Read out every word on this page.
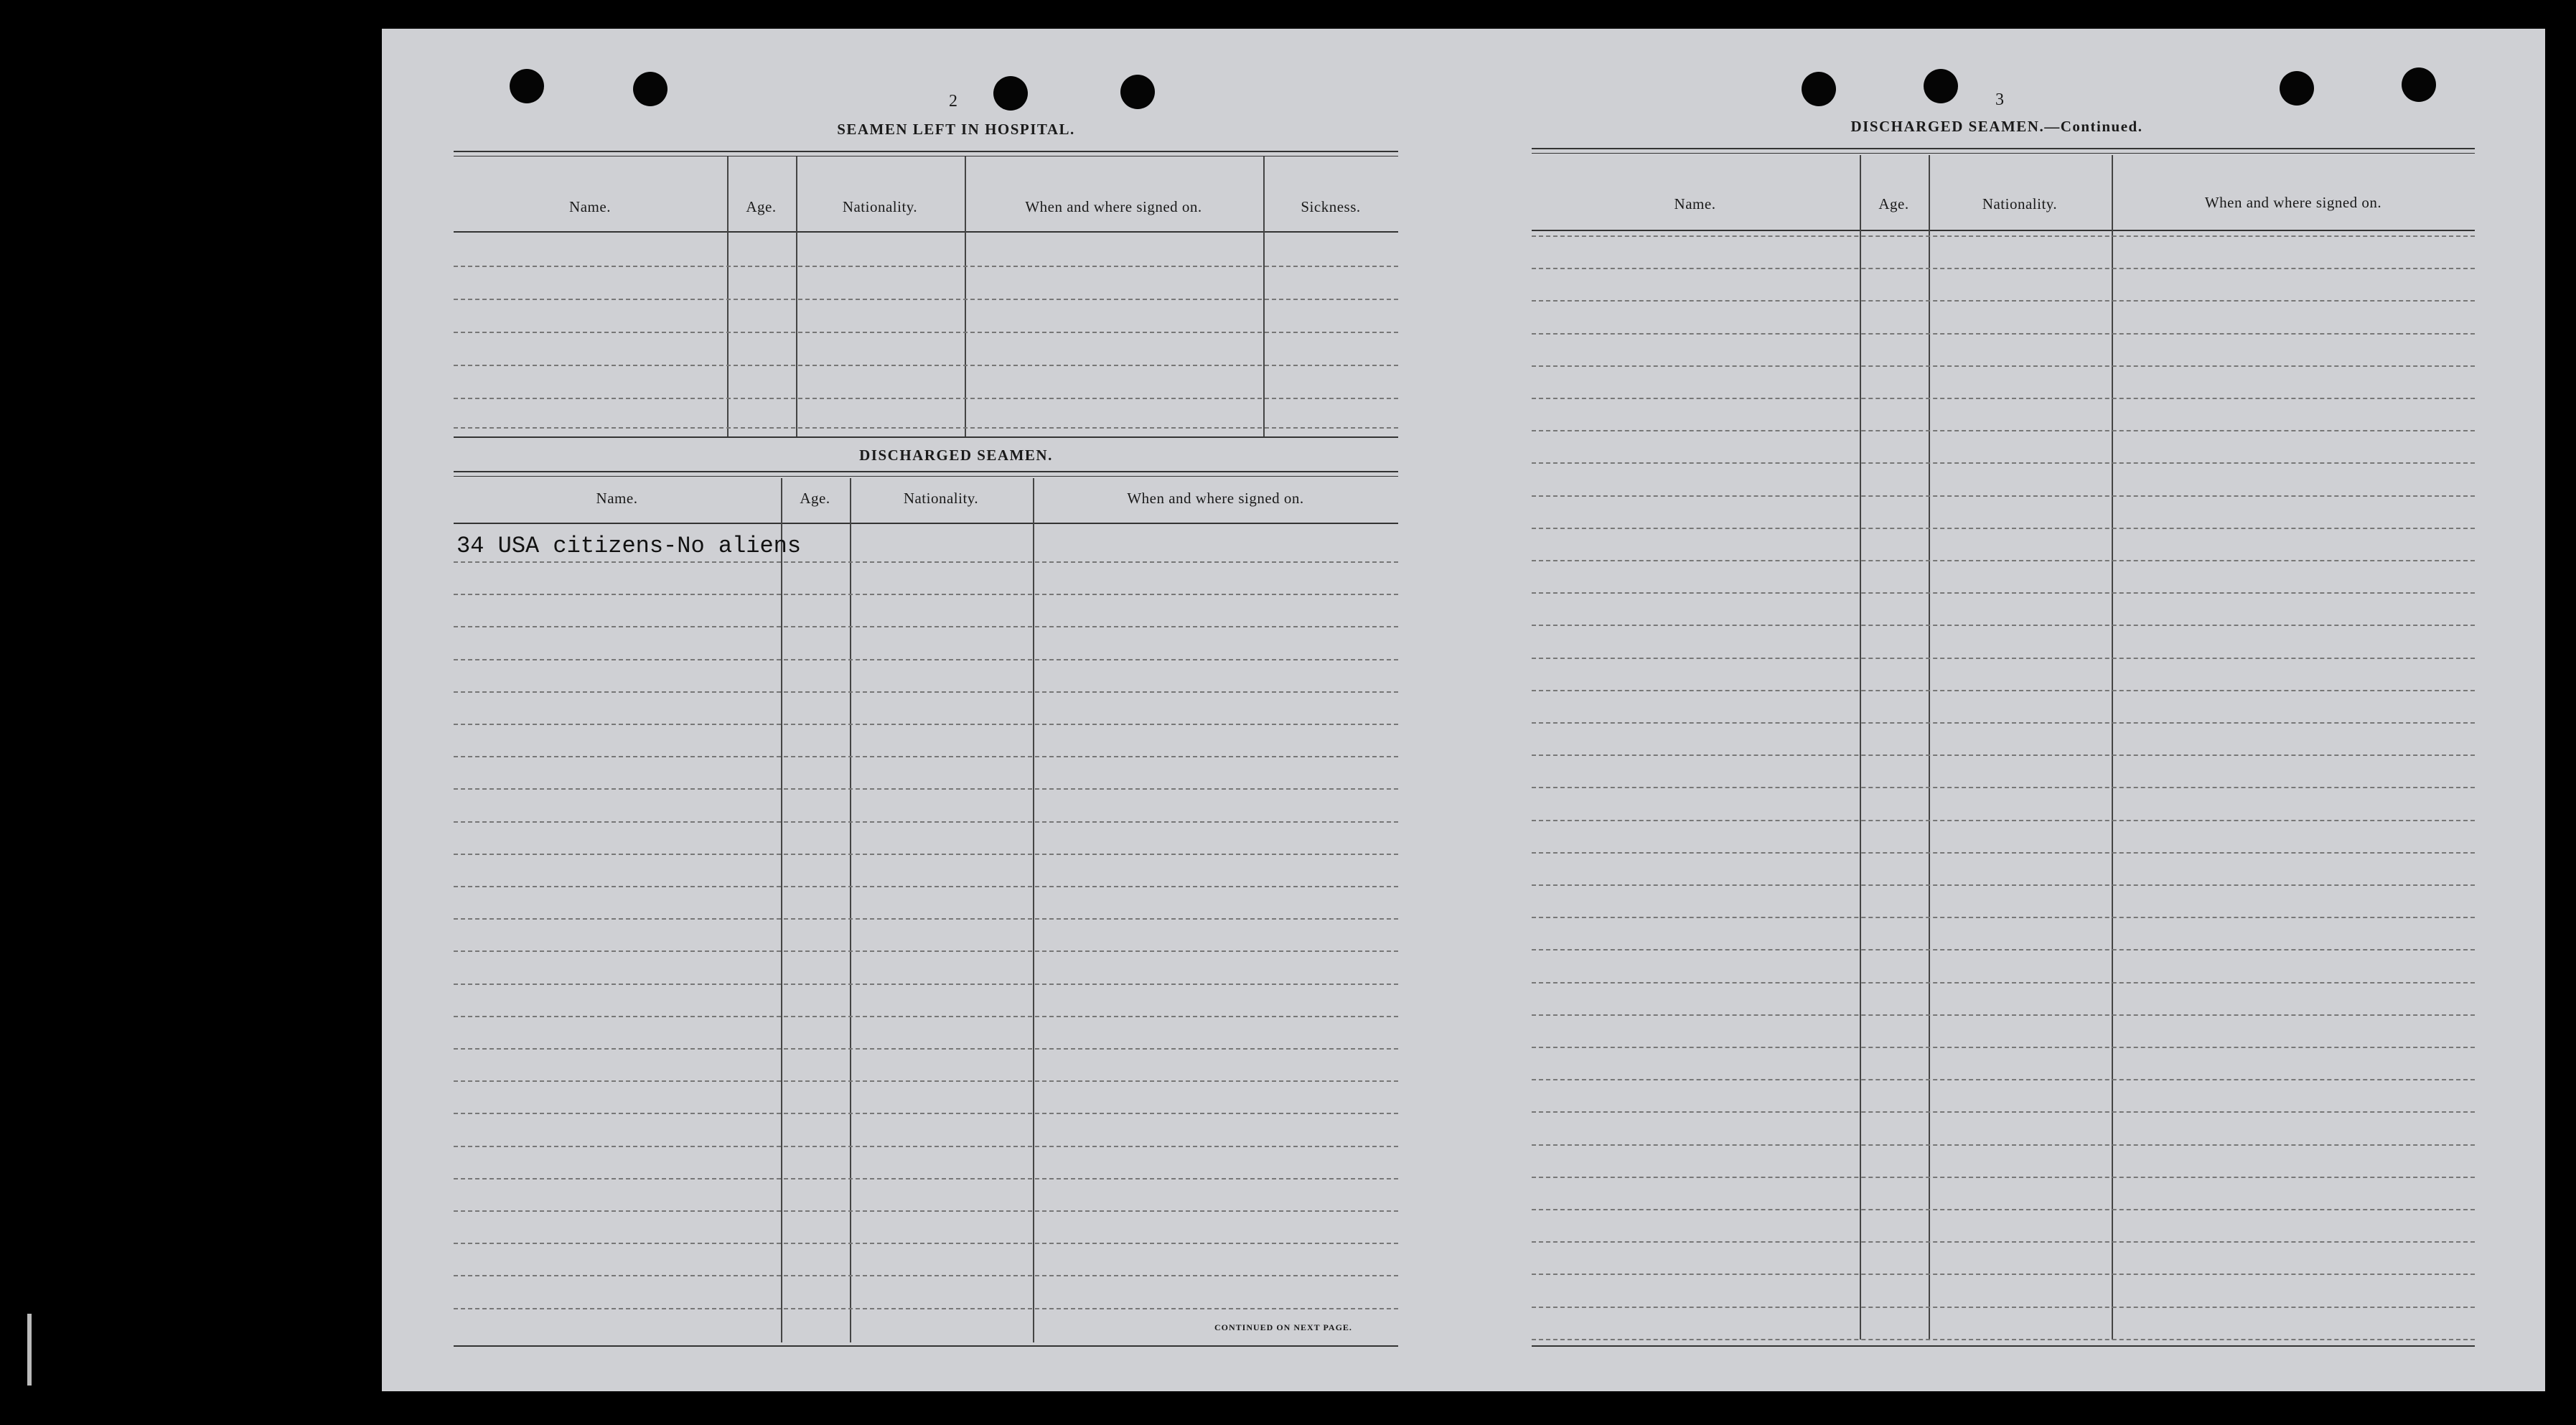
2
SEAMEN LEFT IN HOSPITAL.
Name.	Age.	Nationality.	When and where signed on.	Sickness.
DISCHARGED SEAMEN.
Name.	Age.	Nationality.	When and where signed on.
34 USA citizens-No aliens
CONTINUED ON NEXT PAGE.
3
DISCHARGED SEAMEN.—Continued.
Name.	Age.	Nationality.	When and where signed on.
